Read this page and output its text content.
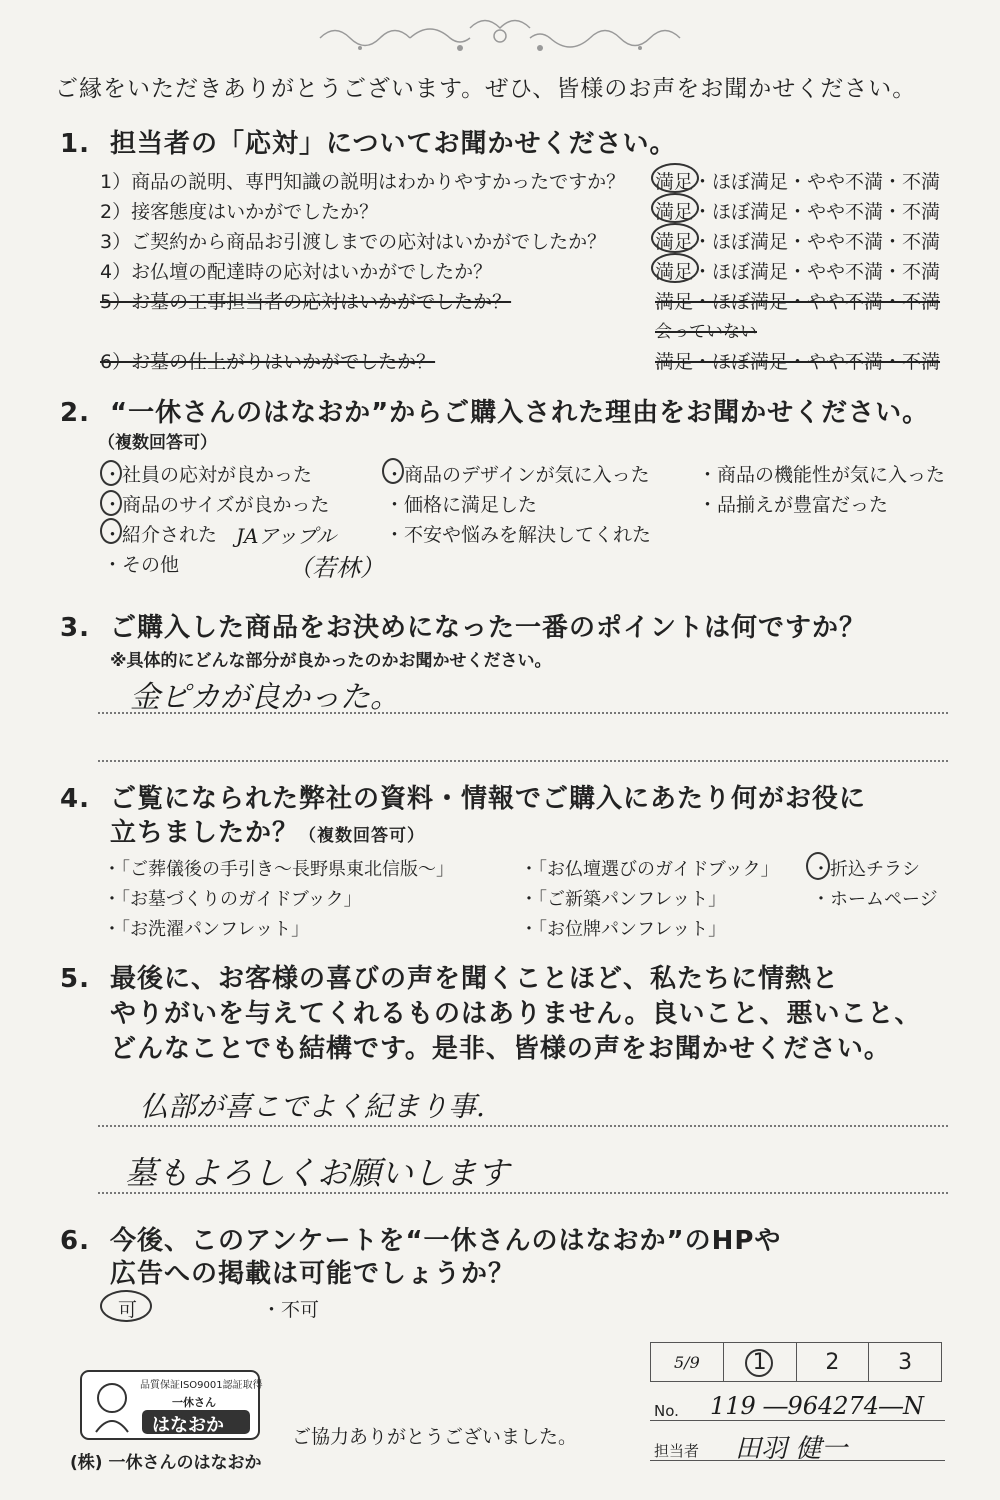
ご縁をいただきありがとうございます。ぜひ、皆様のお声をお聞かせください。
1. 担当者の「応対」についてお聞かせください。
1）商品の説明、専門知識の説明はわかりやすかったですか？ 満足・ほぼ満足・やや不満・不満
2）接客態度はいかがでしたか？	満足・ほぼ満足・やや不満・不満
3）ご契約から商品お引渡しまでの応対はいかがでしたか？	満足・ほぼ満足・やや不満・不満
4）お仏壇の配達時の応対はいかがでしたか？	満足・ほぼ満足・やや不満・不満
5）お墓の工事担当者の応対はいかがでしたか？	満足・ほぼ満足・やや不満・不満
会っていない
6）お墓の仕上がりはいかがでしたか？	満足・ほぼ満足・やや不満・不満
2. “一休さんのはなおか”からご購入された理由をお聞かせください。
（複数回答可）
・社員の応対が良かった	・商品のデザインが気に入った	・商品の機能性が気に入った
・商品のサイズが良かった	・価格に満足した	・品揃えが豊富だった
・紹介された	・不安や悩みを解決してくれた
・その他
JAアップル
（若林）
3. ご購入した商品をお決めになった一番のポイントは何ですか？
※具体的にどんな部分が良かったのかお聞かせください。
金ピカが良かった。
4. ご覧になられた弊社の資料・情報でご購入にあたり何がお役に
立ちましたか？（複数回答可）
・「ご葬儀後の手引き～長野県東北信版～」	・「お仏壇選びのガイドブック」 ・折込チラシ
・「お墓づくりのガイドブック」	・「ご新築パンフレット」	・ホームページ
・「お洗濯パンフレット」	・「お位牌パンフレット」
5. 最後に、お客様の喜びの声を聞くことほど、私たちに情熱と
やりがいを与えてくれるものはありません。良いこと、悪いこと、
どんなことでも結構です。是非、皆様の声をお聞かせください。
仏部が喜こでよく紀まり事.
墓もよろしくお願いします
6. 今後、このアンケートを“一休さんのはなおか”のHPや
広告への掲載は可能でしょうか？
可	・不可
5/9 1	2	3
No. 119 ―964274―N
担当者 田羽 健一
品質保証ISO9001認証取得
一休さん
はなおか
(株) 一休さんのはなおか
ご協力ありがとうございました。
